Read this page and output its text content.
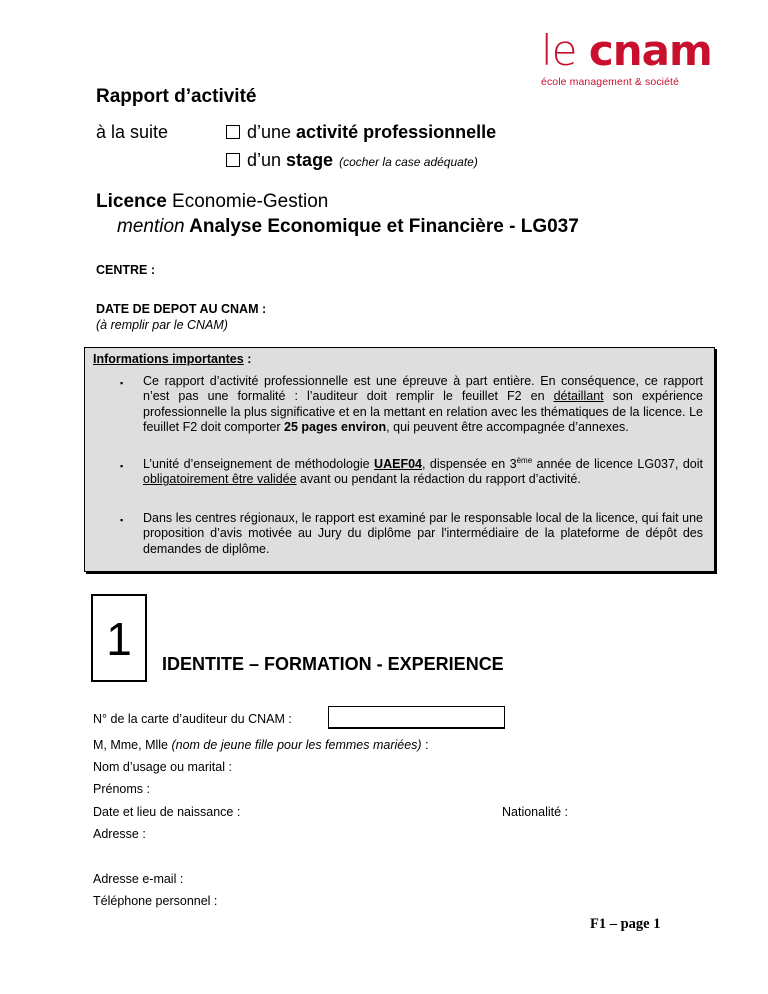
le cnam
école management & société
Rapport d’activité
à la suite	d’une activité professionnelle
d’un stage (cocher la case adéquate)
Licence Economie-Gestion
mention Analyse Economique et Financière - LG037
CENTRE :
DATE DE DEPOT AU CNAM :
(à remplir par le CNAM)
Informations importantes :
▪ Ce rapport d’activité professionnelle est une épreuve à part entière. En conséquence, ce rapport n’est pas une formalité : l’auditeur doit remplir le feuillet F2 en détaillant son expérience professionnelle la plus significative et en la mettant en relation avec les thématiques de la licence. Le feuillet F2 doit comporter 25 pages environ, qui peuvent être accompagnée d’annexes.
▪ L’unité d’enseignement de méthodologie UAEF04, dispensée en 3ème année de licence LG037, doit obligatoirement être validée avant ou pendant la rédaction du rapport d’activité.
▪ Dans les centres régionaux, le rapport est examiné par le responsable local de la licence, qui fait une proposition d’avis motivée au Jury du diplôme par l'intermédiaire de la plateforme de dépôt des demandes de diplôme.
1	IDENTITE – FORMATION - EXPERIENCE
N° de la carte d’auditeur du CNAM :
M, Mme, Mlle (nom de jeune fille pour les femmes mariées) :
Nom d’usage ou marital :
Prénoms :
Date et lieu de naissance :	Nationalité :
Adresse :
Adresse e-mail :
Téléphone personnel :
F1 – page 1
